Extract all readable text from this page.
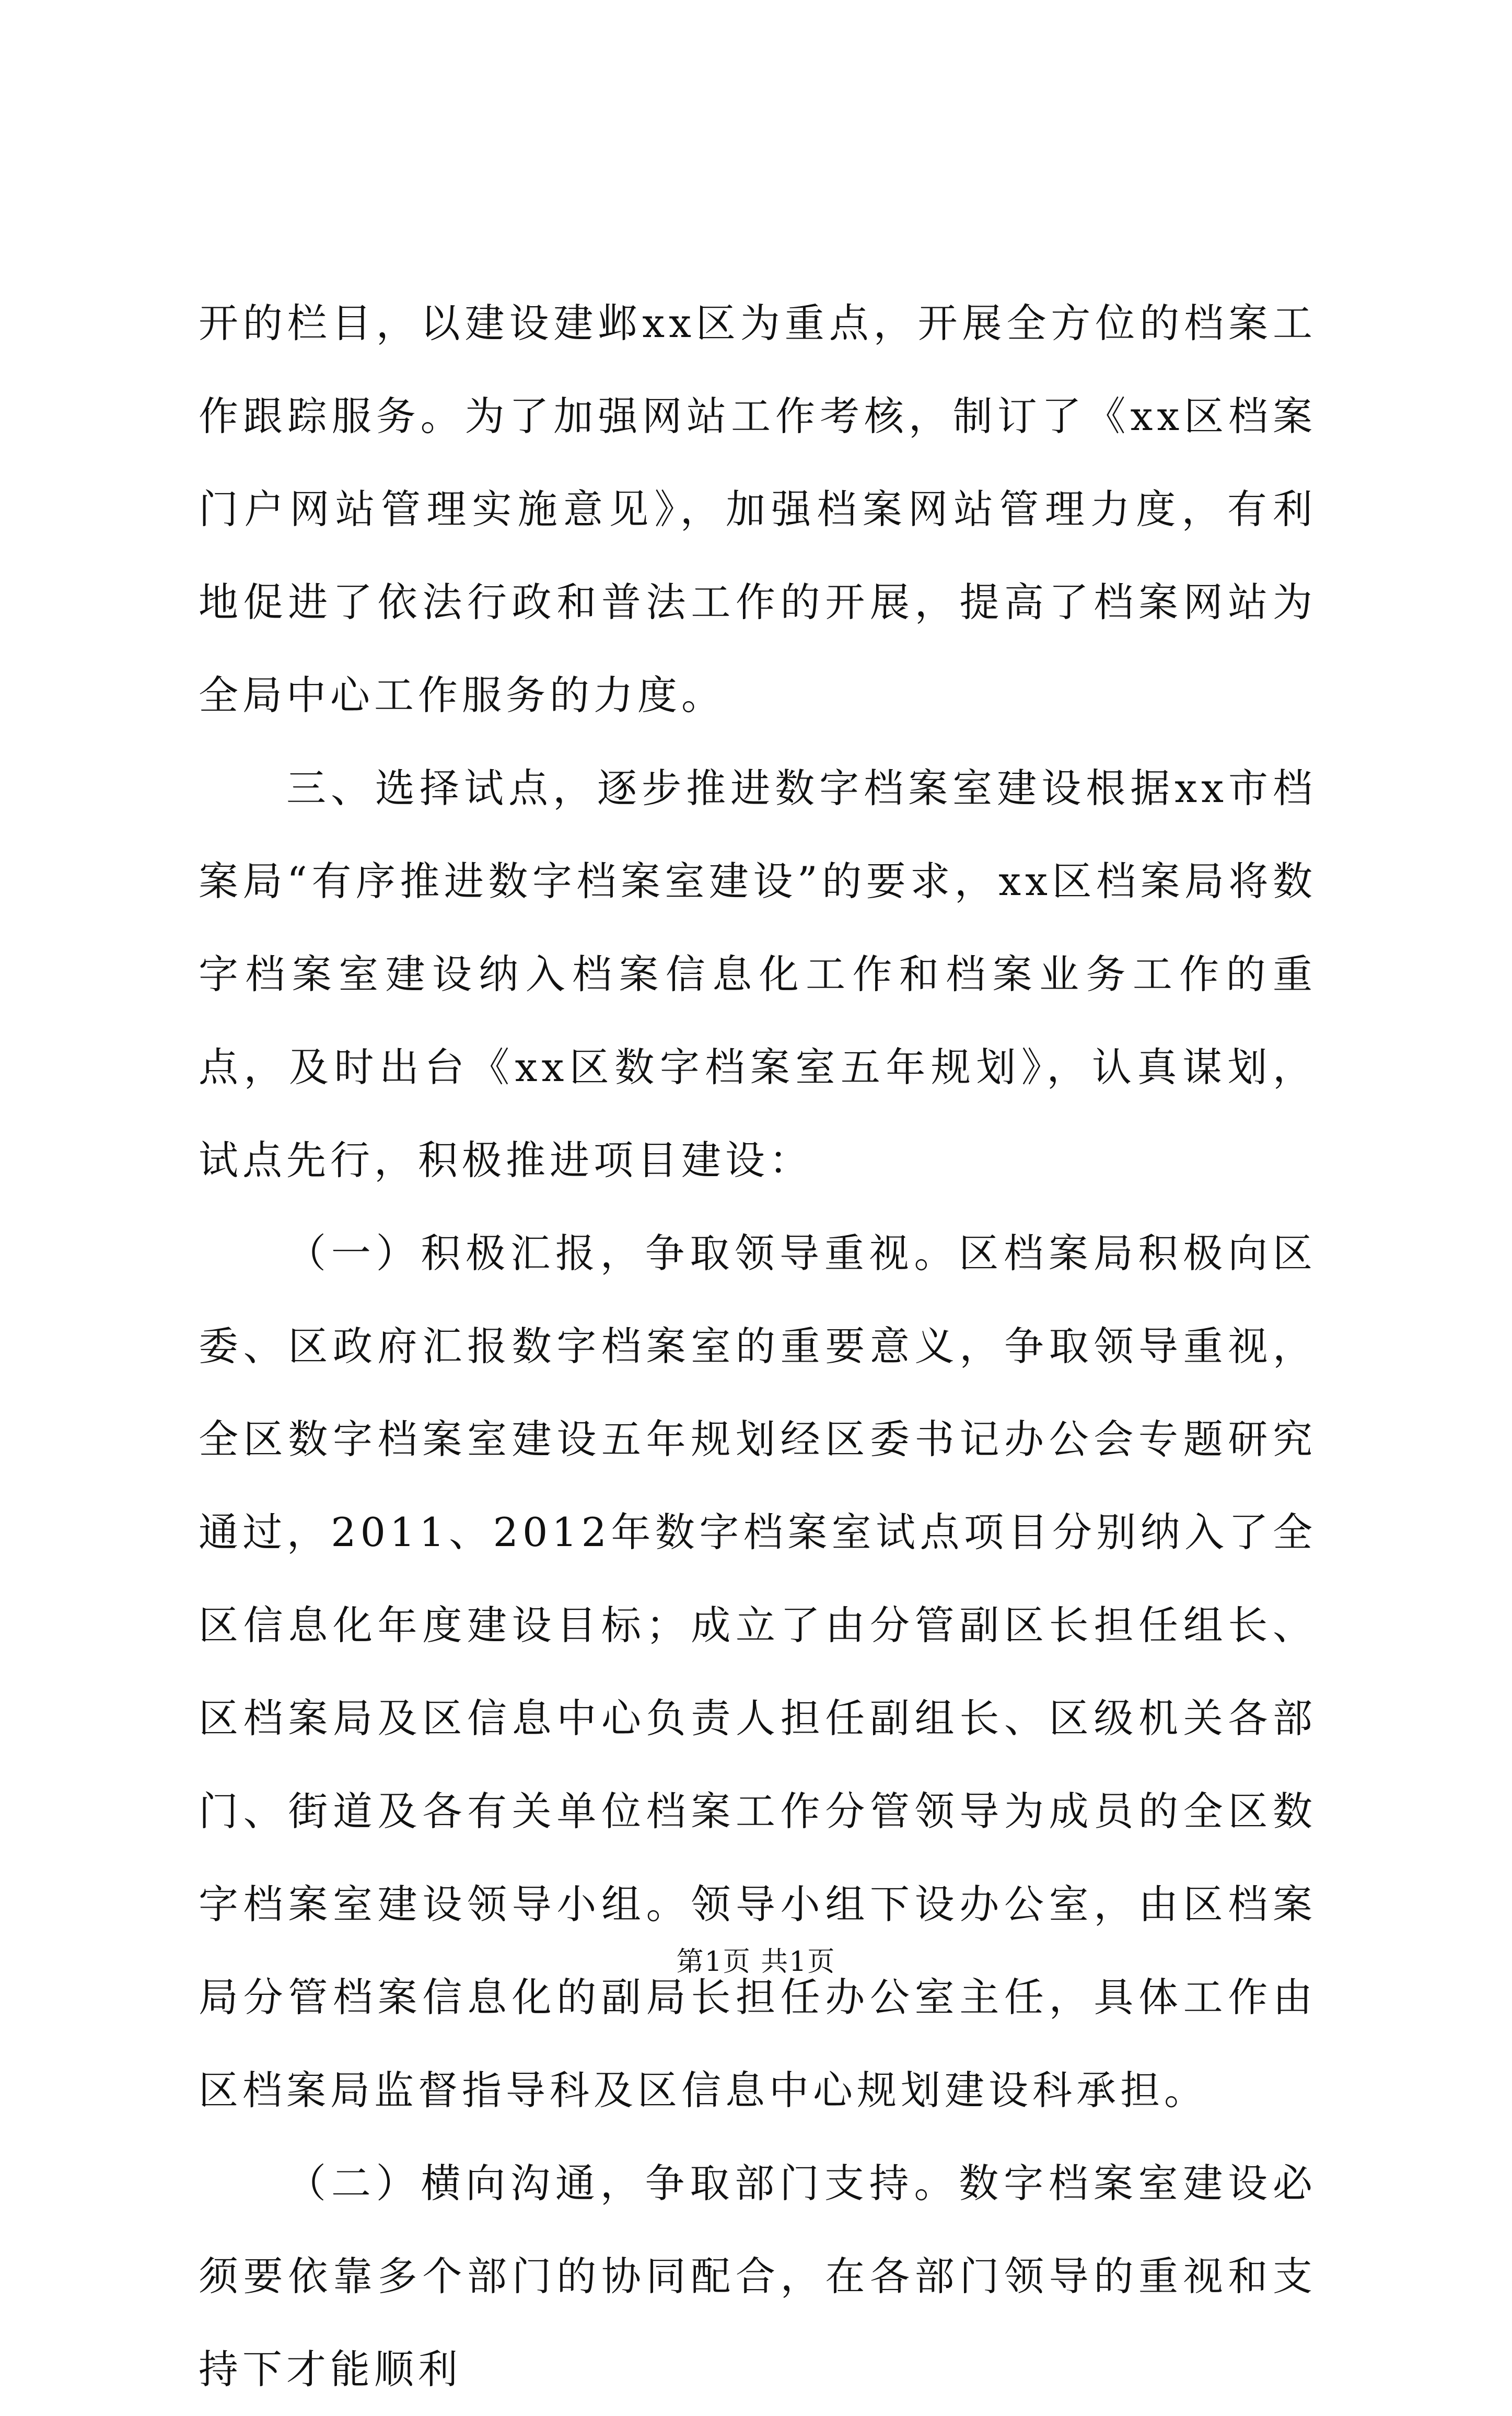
开的栏目，以建设建邺xx区为重点，开展全方位的档案工作跟踪服务。为了加强网站工作考核，制订了《xx区档案门户网站管理实施意见》，加强档案网站管理力度，有利地促进了依法行政和普法工作的开展，提高了档案网站为全局中心工作服务的力度。

三、选择试点，逐步推进数字档案室建设根据xx市档案局“有序推进数字档案室建设”的要求，xx区档案局将数字档案室建设纳入档案信息化工作和档案业务工作的重点，及时出台《xx区数字档案室五年规划》，认真谋划，试点先行，积极推进项目建设：

（一）积极汇报，争取领导重视。区档案局积极向区委、区政府汇报数字档案室的重要意义，争取领导重视，全区数字档案室建设五年规划经区委书记办公会专题研究通过，2011、2012年数字档案室试点项目分别纳入了全区信息化年度建设目标；成立了由分管副区长担任组长、区档案局及区信息中心负责人担任副组长、区级机关各部门、街道及各有关单位档案工作分管领导为成员的全区数字档案室建设领导小组。领导小组下设办公室，由区档案局分管档案信息化的副局长担任办公室主任，具体工作由区档案局监督指导科及区信息中心规划建设科承担。

（二）横向沟通，争取部门支持。数字档案室建设必须要依靠多个部门的协同配合，在各部门领导的重视和支持下才能顺利

第1页 共1页
